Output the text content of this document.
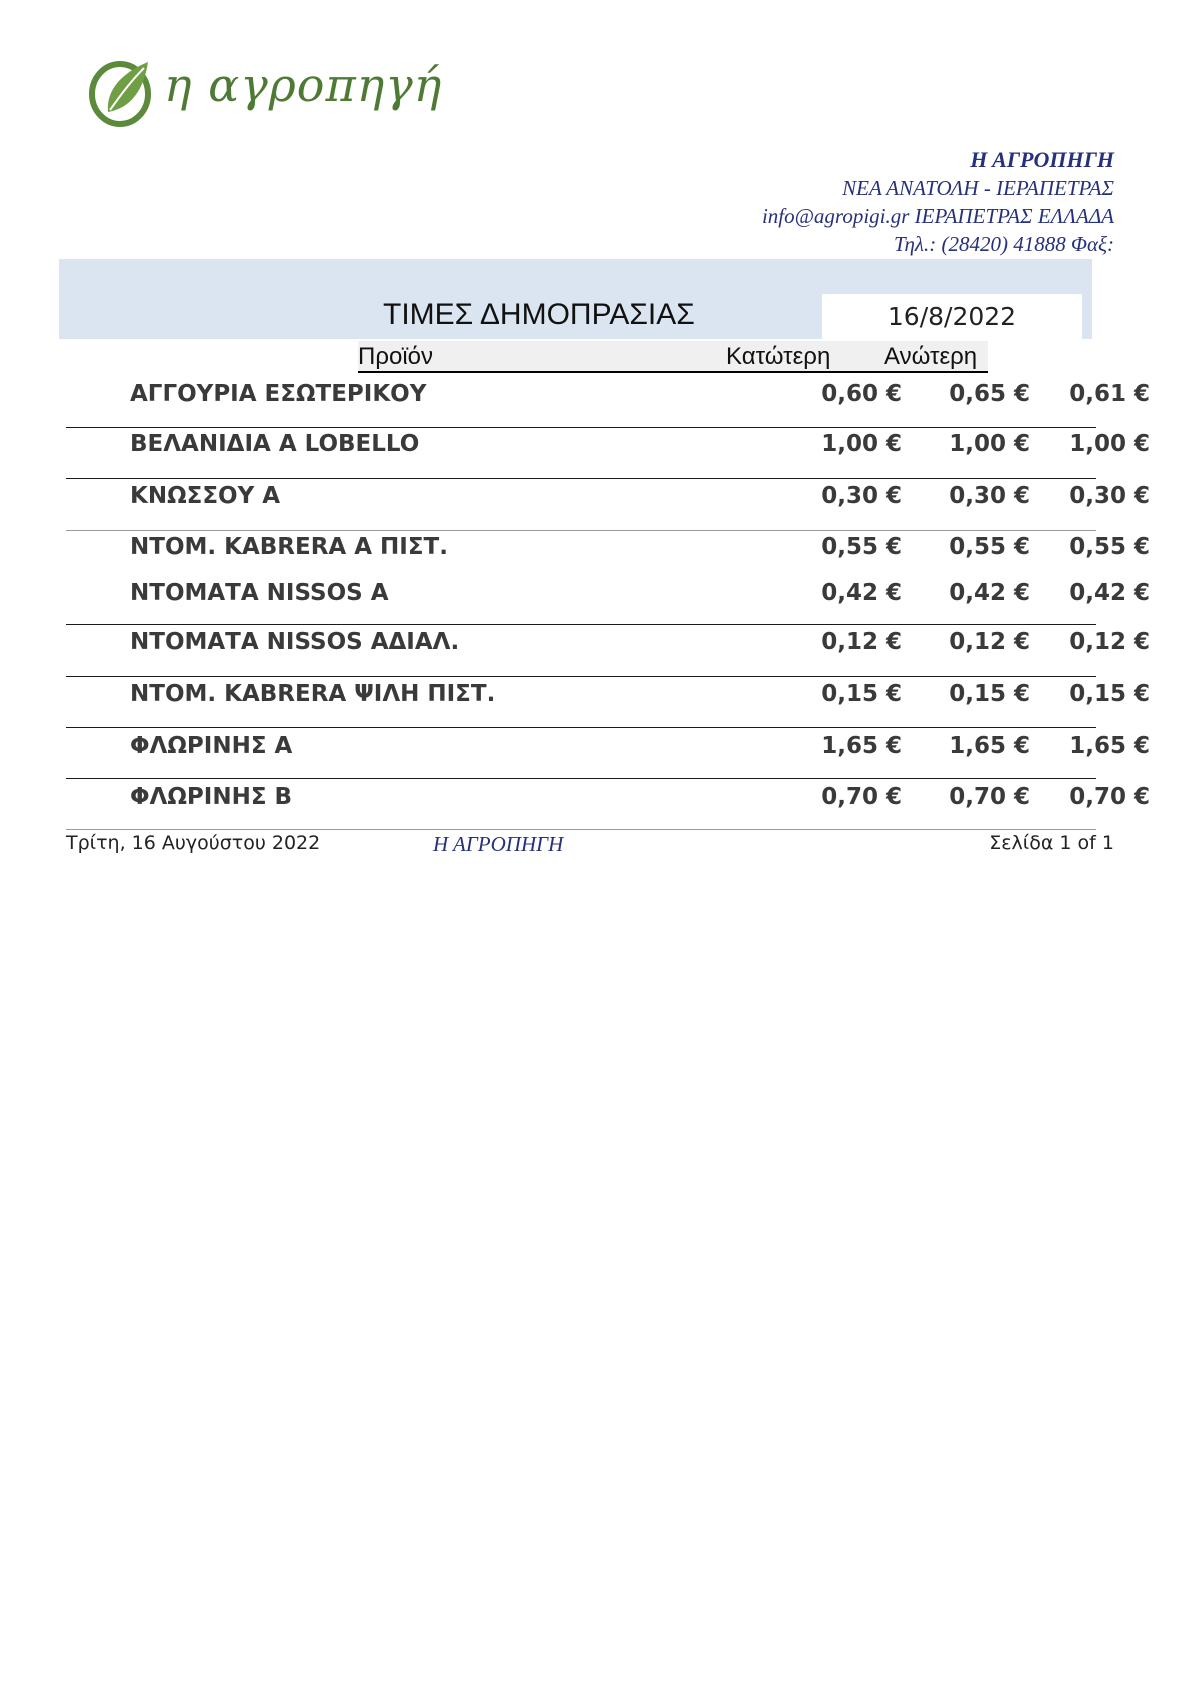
η αγροπηγή
Η ΑΓΡΟΠΗΓΗ
ΝΕΑ ΑΝΑΤΟΛΗ - ΙΕΡΑΠΕΤΡΑΣ
info@agropigi.gr ΙΕΡΑΠΕΤΡΑΣ ΕΛΛΑΔΑ
Τηλ.: (28420) 41888 Φαξ:
ΤΙΜΕΣ ΔΗΜΟΠΡΑΣΙΑΣ	16/8/2022
Προϊόν	Κατώτερη Ανώτερη
ΑΓΓΟΥΡΙΑ ΕΣΩΤΕΡΙΚΟΥ	0,60 €	0,65 €	0,61 €
ΒΕΛΑΝΙΔΙΑ Α LOBELLO	1,00 €	1,00 €	1,00 €
ΚΝΩΣΣΟΥ Α	0,30 €	0,30 €	0,30 €
ΝΤΟΜ. KABRERA Α ΠΙΣΤ.	0,55 €	0,55 €	0,55 €
ΝΤΟΜΑΤΑ NISSOS Α	0,42 €	0,42 €	0,42 €
ΝΤΟΜΑΤΑ NISSOS ΑΔΙΑΛ.	0,12 €	0,12 €	0,12 €
ΝΤΟΜ. KABRERA ΨΙΛΗ ΠΙΣΤ.	0,15 €	0,15 €	0,15 €
ΦΛΩΡΙΝΗΣ Α	1,65 €	1,65 €	1,65 €
ΦΛΩΡΙΝΗΣ Β	0,70 €	0,70 €	0,70 €
Τρίτη, 16 Αυγούστου 2022	Η ΑΓΡΟΠΗΓΗ	Σελίδα 1 of 1
